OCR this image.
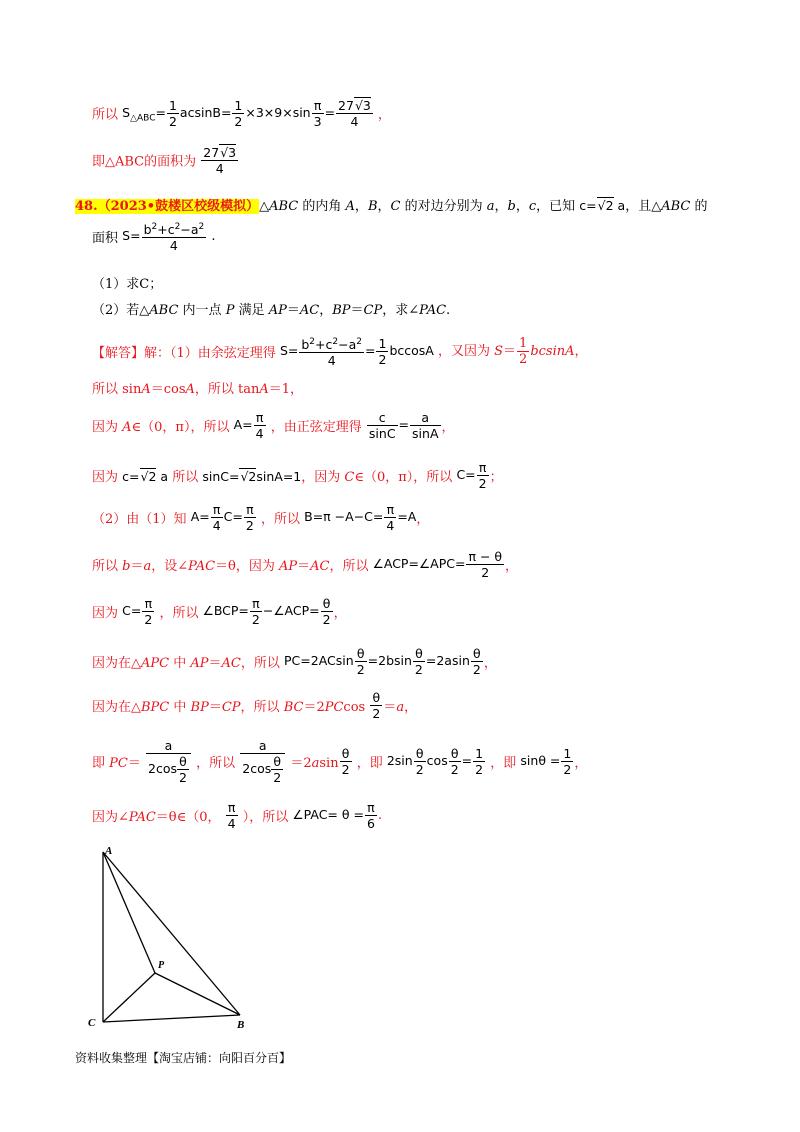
所以 $S_{\triangle ABC}= \frac{1}{2} acsinB= \frac{1}{2} \times 3\times 9\times\sin \frac{\pi}{3} = \frac{27√3}{4}$ ，
即△ABC的面积为 $\frac{27√3}{4}$
48.（2023•鼓楼区校级模拟）△ABC 的内角 A，B，C 的对边分别为 a，b，c，已知 c=√2 a，且△ABC 的
面积 $S= \frac{b^2+c^2-a^2}{4}$ .
（1）求C；
（2）若△ABC 内一点 P 满足 AP＝AC，BP＝CP，求∠PAC.
【解答】解：（1）由余弦定理得 $S= \frac{b^2+c^2-a^2}{4} = \frac{1}{2}$ bccosA ，又因为 $S= \frac{1}{2}$ bcsinA，
所以 sinA＝cosA，所以 tanA＝1，
因为 A∈（0，π），所以 $A= \frac{\pi}{4}$ ，由正弦定理得 $\frac{c}{\sin C} = \frac{a}{\sin A}$ ，
因为 c=√2 a 所以 sinC=√2sinA=1，因为 C∈（0，π），所以 $C= \frac{\pi}{2}$ ；
（2）由（1）知 $A= \frac{\pi}{4} C= \frac{\pi}{2}$ ，所以 $B=\pi -A-C= \frac{\pi}{4} =A$，
所以 b＝a，设∠PAC＝θ，因为 AP＝AC，所以 ∠ACP=∠APC= $\frac{\pi - \theta}{2}$ ，
因为 $C= \frac{\pi}{2}$ ，所以 ∠BCP= $\frac{\pi}{2}$ −∠ACP= $\frac{\theta}{2}$ ，
因为在△APC 中 AP＝AC，所以 $PC=2ACsin \frac{\theta}{2} =2bsin \frac{\theta}{2} =2asin \frac{\theta}{2}$ ，
因为在△BPC 中 BP＝CP，所以 $BC=2PCcos \frac{\theta}{2} =a$，
即 $PC= \frac{a}{2\cos \frac{\theta}{2}}$ ，所以 $\frac{a}{2\cos \frac{\theta}{2}} =2asin \frac{\theta}{2}$ ，即 $2\sin \frac{\theta}{2}$ $\cos \frac{\theta}{2} = \frac{1}{2}$ ，即 $\sin\theta = \frac{1}{2}$ ，
因为∠PAC＝θ∈（0， $\frac{\pi}{4}$ ），所以 ∠PAC= $\theta = \frac{\pi}{6}$ .
A
C	B
P
资料收集整理【淘宝店铺：向阳百分百】
